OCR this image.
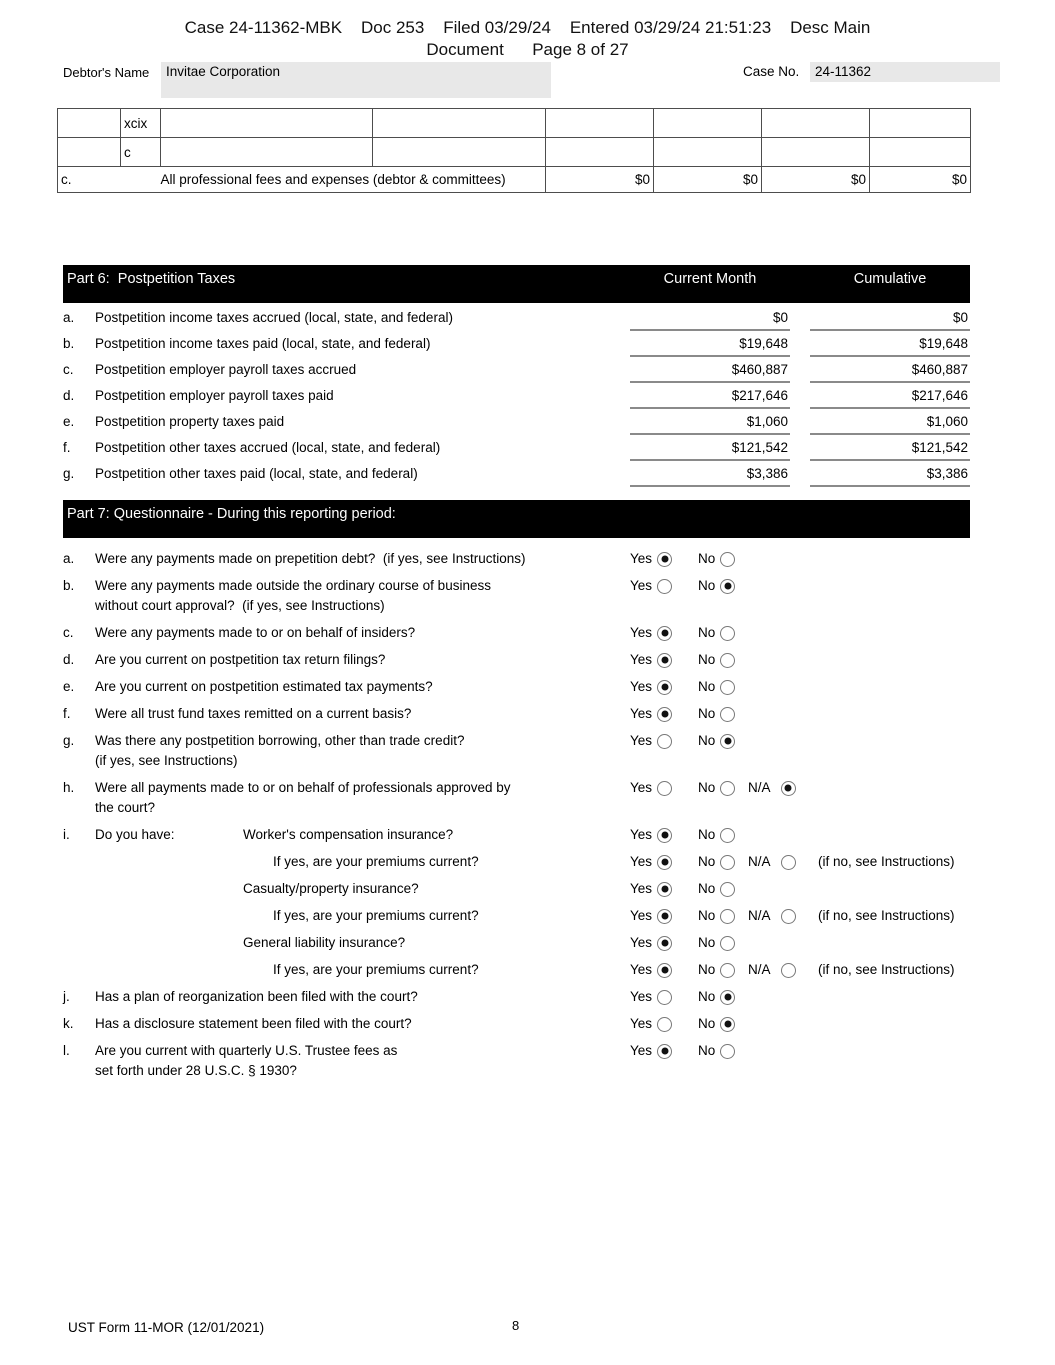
Case 24-11362-MBK    Doc 253    Filed 03/29/24    Entered 03/29/24 21:51:23    Desc Main
Document      Page 8 of 27
Debtor's Name Invitae Corporation	Case No. 24-11362
	xcix						
	c						
c.	All professional fees and expenses (debtor & committees)			$0	$0	$0	$0
Part 6:  Postpetition Taxes	Current Month	Cumulative
a.	Postpetition income taxes accrued (local, state, and federal)	$0	$0
b.	Postpetition income taxes paid (local, state, and federal)	$19,648	$19,648
c.	Postpetition employer payroll taxes accrued	$460,887	$460,887
d.	Postpetition employer payroll taxes paid	$217,646	$217,646
e.	Postpetition property taxes paid	$1,060	$1,060
f.	Postpetition other taxes accrued (local, state, and federal)	$121,542	$121,542
g.	Postpetition other taxes paid (local, state, and federal)	$3,386	$3,386
Part 7: Questionnaire - During this reporting period:
a.	Were any payments made on prepetition debt?  (if yes, see Instructions)	Yes	No
b.	Were any payments made outside the ordinary course of business
without court approval?  (if yes, see Instructions)
Yes	No
c.	Were any payments made to or on behalf of insiders?	Yes	No
d.	Are you current on postpetition tax return filings?	Yes	No
e.	Are you current on postpetition estimated tax payments?	Yes	No
f.	Were all trust fund taxes remitted on a current basis?	Yes	No
g.	Was there any postpetition borrowing, other than trade credit?
(if yes, see Instructions)
Yes	No
h.	Were all payments made to or on behalf of professionals approved by
the court?
Yes	No N/A
i.	Do you have:	Worker's compensation insurance?	Yes	No
If yes, are your premiums current?	Yes	No N/A	(if no, see Instructions)
Casualty/property insurance?	Yes	No
If yes, are your premiums current?	Yes	No N/A	(if no, see Instructions)
General liability insurance?	Yes	No
If yes, are your premiums current?	Yes	No N/A	(if no, see Instructions)
j.	Has a plan of reorganization been filed with the court?	Yes	No
k.	Has a disclosure statement been filed with the court?	Yes	No
l.	Are you current with quarterly U.S. Trustee fees as
set forth under 28 U.S.C. § 1930?
Yes	No
UST Form 11-MOR (12/01/2021)	8
